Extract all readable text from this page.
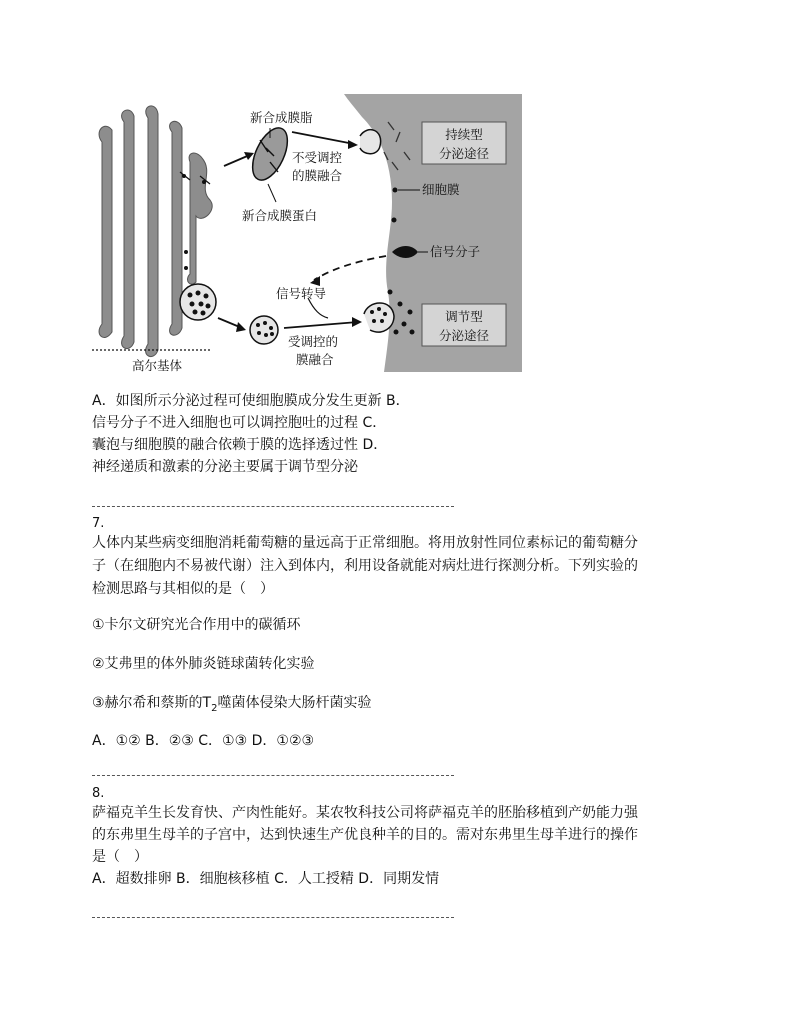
持续型
分泌途径
调节型
分泌途径
高尔基体
新合成膜脂
不受调控
的膜融合
新合成膜蛋白
细胞膜
信号分子
信号转导
受调控的
膜融合
A．如图所示分泌过程可使细胞膜成分发生更新 B．
信号分子不进入细胞也可以调控胞吐的过程 C．
囊泡与细胞膜的融合依赖于膜的选择透过性 D．
神经递质和激素的分泌主要属于调节型分泌
7.
人体内某些病变细胞消耗葡萄糖的量远高于正常细胞。将用放射性同位素标记的葡萄糖分
子（在细胞内不易被代谢）注入到体内，利用设备就能对病灶进行探测分析。下列实验的
检测思路与其相似的是（　）
①卡尔文研究光合作用中的碳循环
②艾弗里的体外肺炎链球菌转化实验
③赫尔希和蔡斯的$T_2$噬菌体侵染大肠杆菌实验
A．①② B．②③ C．①③ D．①②③
8.
萨福克羊生长发育快、产肉性能好。某农牧科技公司将萨福克羊的胚胎移植到产奶能力强
的东弗里生母羊的子宫中，达到快速生产优良种羊的目的。需对东弗里生母羊进行的操作
是（　）
A．超数排卵 B．细胞核移植 C．人工授精 D．同期发情
